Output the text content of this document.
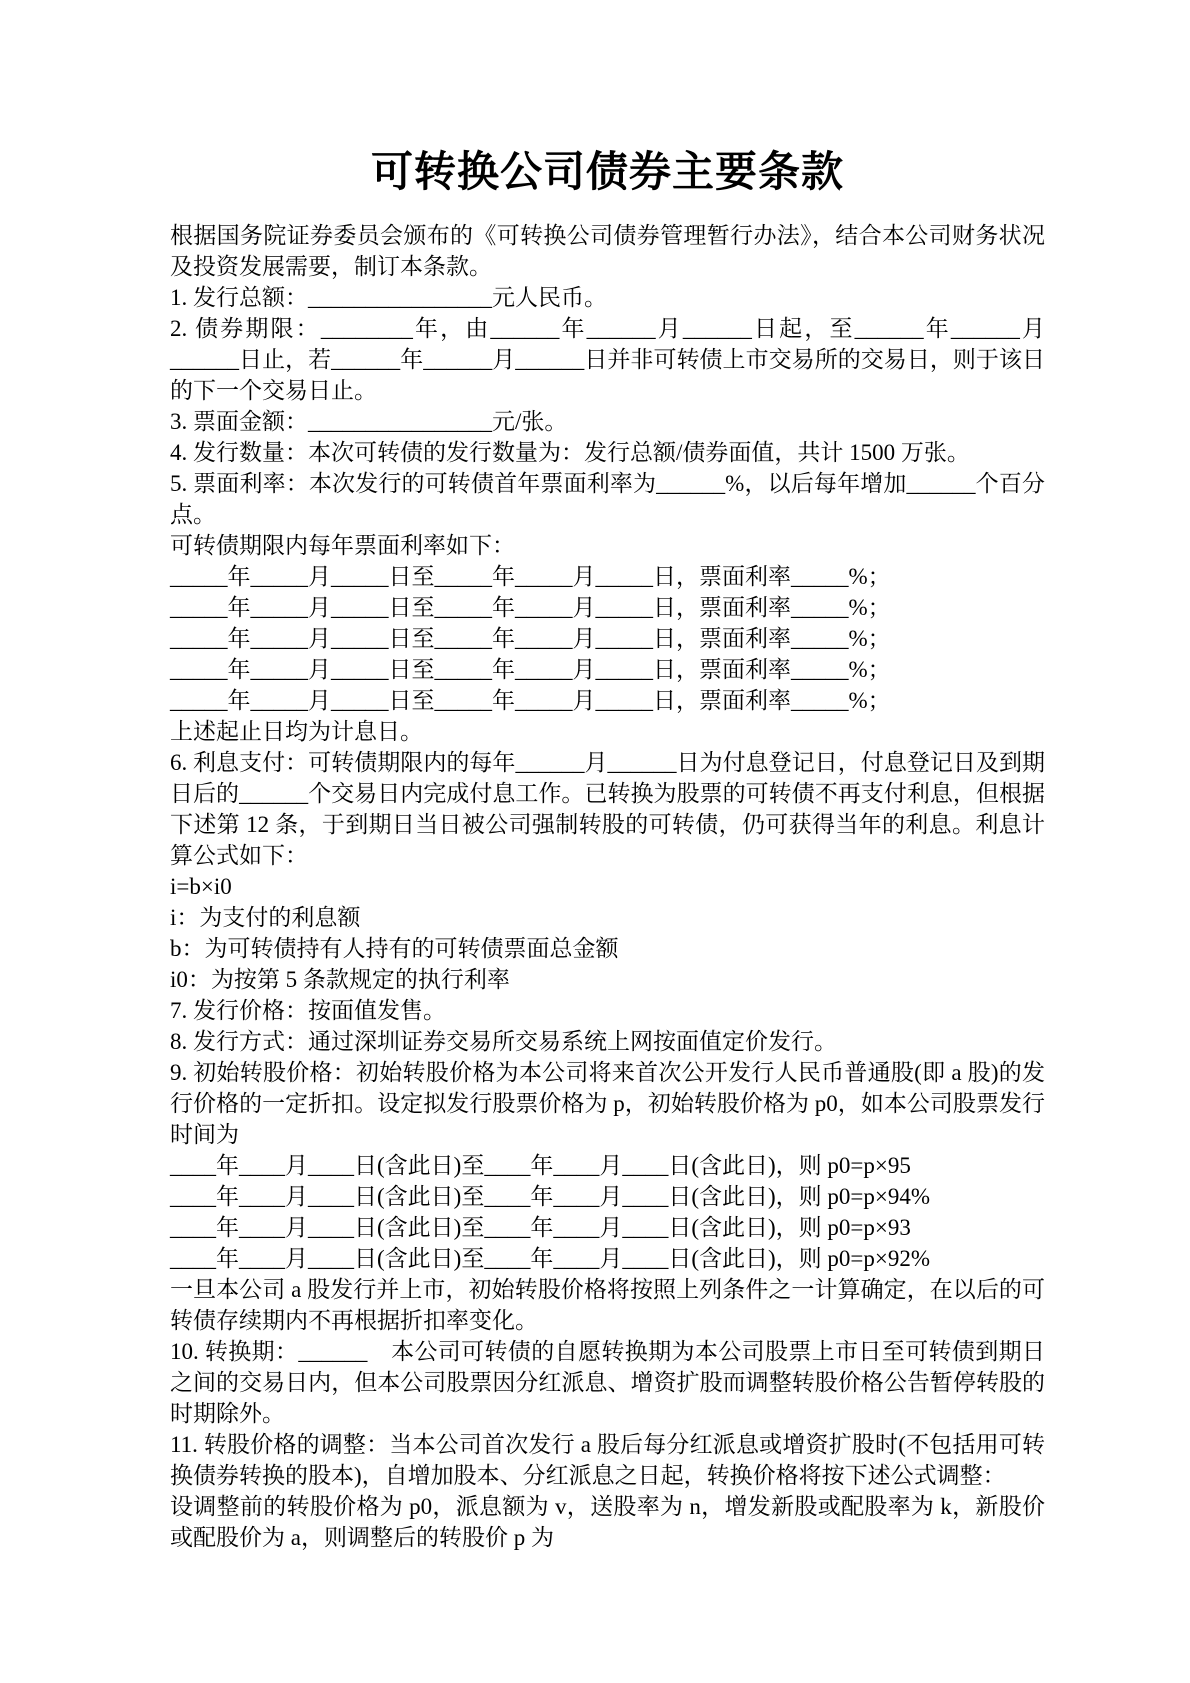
可转换公司债券主要条款

根据国务院证券委员会颁布的《可转换公司债券管理暂行办法》，结合本公司财务状况及投资发展需要，制订本条款。

1. 发行总额：________________元人民币。

2. 债券期限：________年，由______年______月______日起，至______年______月______日止，若______年______月______日并非可转债上市交易所的交易日，则于该日的下一个交易日止。

3. 票面金额：________________元/张。

4. 发行数量：本次可转债的发行数量为：发行总额/债券面值，共计 1500 万张。

5. 票面利率：本次发行的可转债首年票面利率为______%，以后每年增加______个百分点。

可转债期限内每年票面利率如下：

_____年_____月_____日至_____年_____月_____日，票面利率_____%；

_____年_____月_____日至_____年_____月_____日，票面利率_____%；

_____年_____月_____日至_____年_____月_____日，票面利率_____%；

_____年_____月_____日至_____年_____月_____日，票面利率_____%；

_____年_____月_____日至_____年_____月_____日，票面利率_____%；

上述起止日均为计息日。

6. 利息支付：可转债期限内的每年______月______日为付息登记日，付息登记日及到期日后的______个交易日内完成付息工作。已转换为股票的可转债不再支付利息，但根据下述第 12 条，于到期日当日被公司强制转股的可转债，仍可获得当年的利息。利息计算公式如下：

i=b×i0

i：为支付的利息额

b：为可转债持有人持有的可转债票面总金额

i0：为按第 5 条款规定的执行利率

7. 发行价格：按面值发售。

8. 发行方式：通过深圳证券交易所交易系统上网按面值定价发行。

9. 初始转股价格：初始转股价格为本公司将来首次公开发行人民币普通股(即 a 股)的发行价格的一定折扣。设定拟发行股票价格为 p，初始转股价格为 p0，如本公司股票发行时间为

____年____月____日(含此日)至____年____月____日(含此日)，则 p0=p×95

____年____月____日(含此日)至____年____月____日(含此日)，则 p0=p×94%

____年____月____日(含此日)至____年____月____日(含此日)，则 p0=p×93

____年____月____日(含此日)至____年____月____日(含此日)，则 p0=p×92%

一旦本公司 a 股发行并上市，初始转股价格将按照上列条件之一计算确定，在以后的可转债存续期内不再根据折扣率变化。

10. 转换期：______　本公司可转债的自愿转换期为本公司股票上市日至可转债到期日之间的交易日内，但本公司股票因分红派息、增资扩股而调整转股价格公告暂停转股的时期除外。

11. 转股价格的调整：当本公司首次发行 a 股后每分红派息或增资扩股时(不包括用可转换债券转换的股本)，自增加股本、分红派息之日起，转换价格将按下述公式调整：

设调整前的转股价格为 p0，派息额为 v，送股率为 n，增发新股或配股率为 k，新股价或配股价为 a，则调整后的转股价 p 为
